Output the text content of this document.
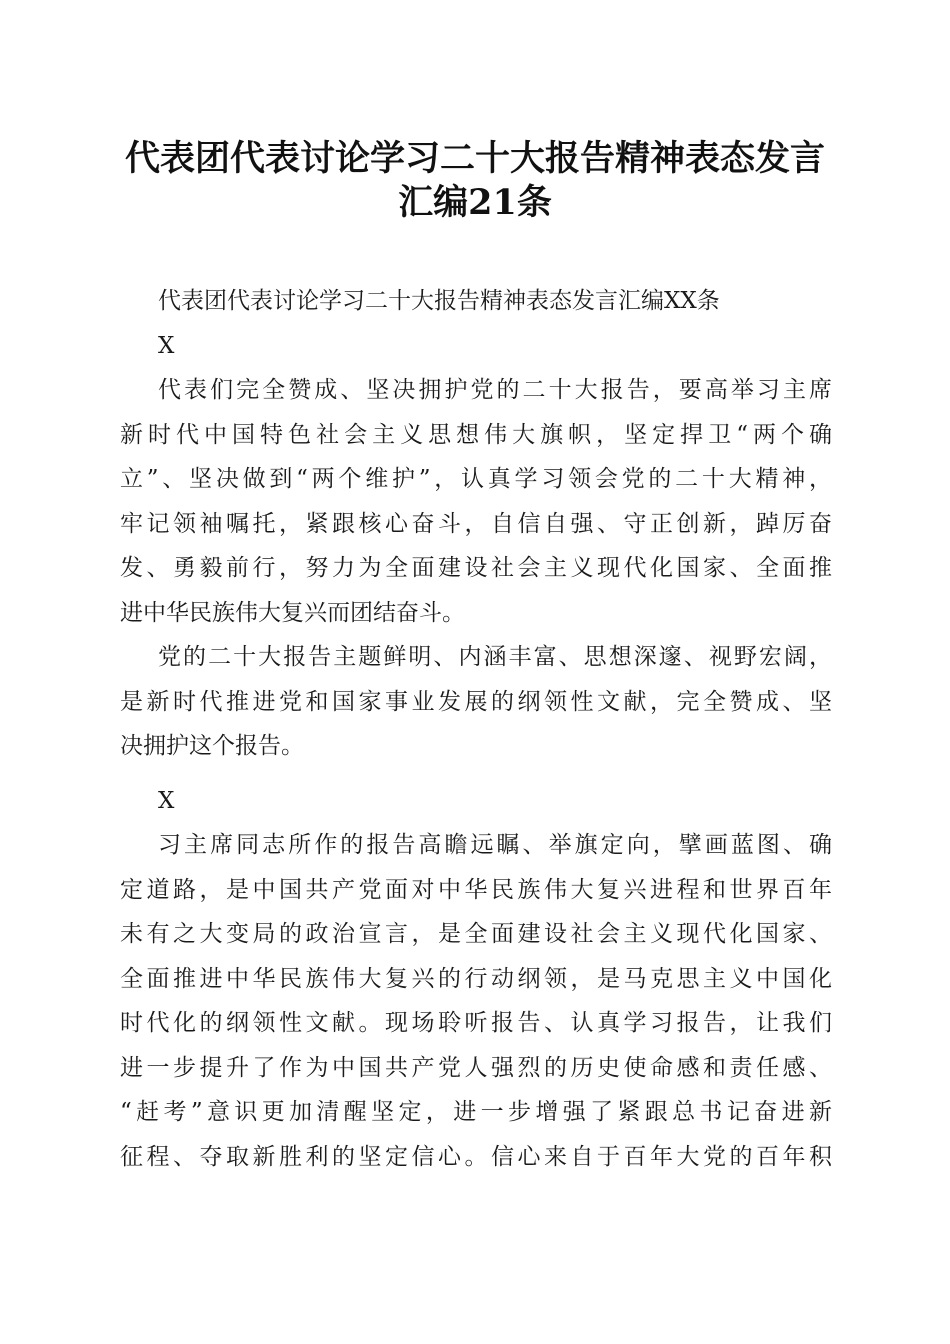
代表团代表讨论学习二十大报告精神表态发言
汇编21条
代表团代表讨论学习二十大报告精神表态发言汇编XX条
X
代表们完全赞成、坚决拥护党的二十大报告，要高举习主席
新时代中国特色社会主义思想伟大旗帜，坚定捍卫“两个确
立”、坚决做到“两个维护”，认真学习领会党的二十大精神，
牢记领袖嘱托，紧跟核心奋斗，自信自强、守正创新，踔厉奋
发、勇毅前行，努力为全面建设社会主义现代化国家、全面推
进中华民族伟大复兴而团结奋斗。
党的二十大报告主题鲜明、内涵丰富、思想深邃、视野宏阔，
是新时代推进党和国家事业发展的纲领性文献，完全赞成、坚
决拥护这个报告。
X
习主席同志所作的报告高瞻远瞩、举旗定向，擘画蓝图、确
定道路，是中国共产党面对中华民族伟大复兴进程和世界百年
未有之大变局的政治宣言，是全面建设社会主义现代化国家、
全面推进中华民族伟大复兴的行动纲领，是马克思主义中国化
时代化的纲领性文献。现场聆听报告、认真学习报告，让我们
进一步提升了作为中国共产党人强烈的历史使命感和责任感、
“赶考”意识更加清醒坚定，进一步增强了紧跟总书记奋进新
征程、夺取新胜利的坚定信心。信心来自于百年大党的百年积
